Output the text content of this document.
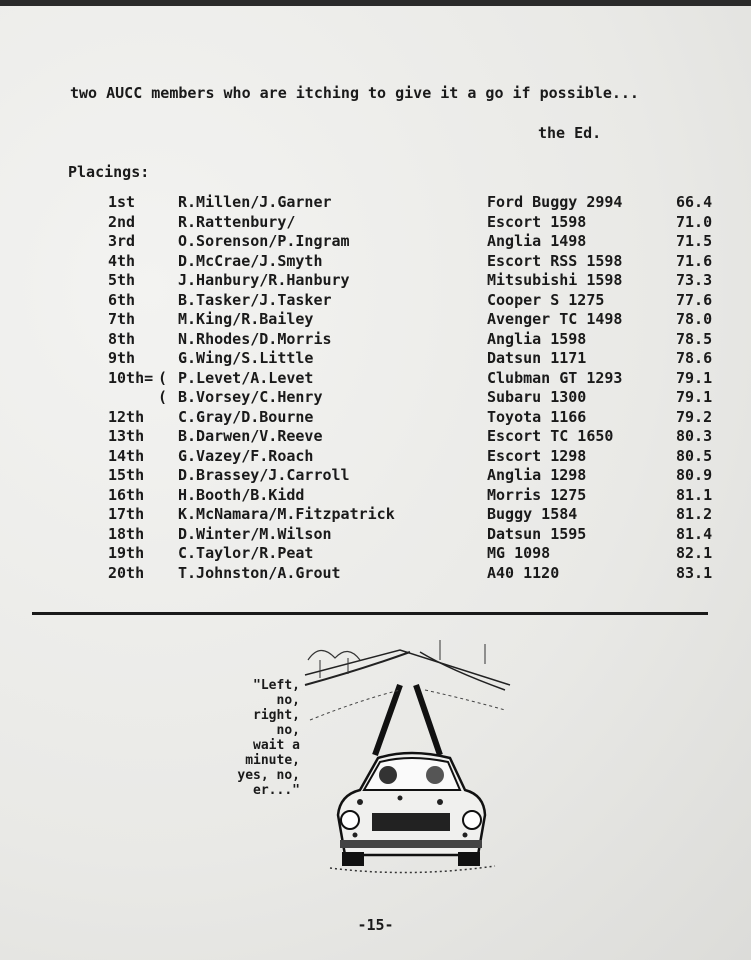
two AUCC members who are itching to give it a go if possible...
the Ed.
Placings:
1st	R.Millen/J.Garner	Ford Buggy 2994	66.4
2nd	R.Rattenbury/	Escort 1598	71.0
3rd	O.Sorenson/P.Ingram	Anglia 1498	71.5
4th	D.McCrae/J.Smyth	Escort RSS 1598	71.6
5th	J.Hanbury/R.Hanbury	Mitsubishi 1598	73.3
6th	B.Tasker/J.Tasker	Cooper S 1275	77.6
7th	M.King/R.Bailey	Avenger TC 1498	78.0
8th	N.Rhodes/D.Morris	Anglia 1598	78.5
9th	G.Wing/S.Little	Datsun 1171	78.6
10th= ( P.Levet/A.Levet	Clubman GT 1293	79.1
( B.Vorsey/C.Henry	Subaru 1300	79.1
12th C.Gray/D.Bourne	Toyota 1166	79.2
13th B.Darwen/V.Reeve	Escort TC 1650	80.3
14th G.Vazey/F.Roach	Escort 1298	80.5
15th D.Brassey/J.Carroll	Anglia 1298	80.9
16th H.Booth/B.Kidd	Morris 1275	81.1
17th K.McNamara/M.Fitzpatrick	Buggy 1584	81.2
18th D.Winter/M.Wilson	Datsun 1595	81.4
19th C.Taylor/R.Peat	MG 1098	82.1
20th T.Johnston/A.Grout	A40 1120	83.1
"Left,
no,
right,
no,
wait a
minute,
yes, no,
er..."
-15-
